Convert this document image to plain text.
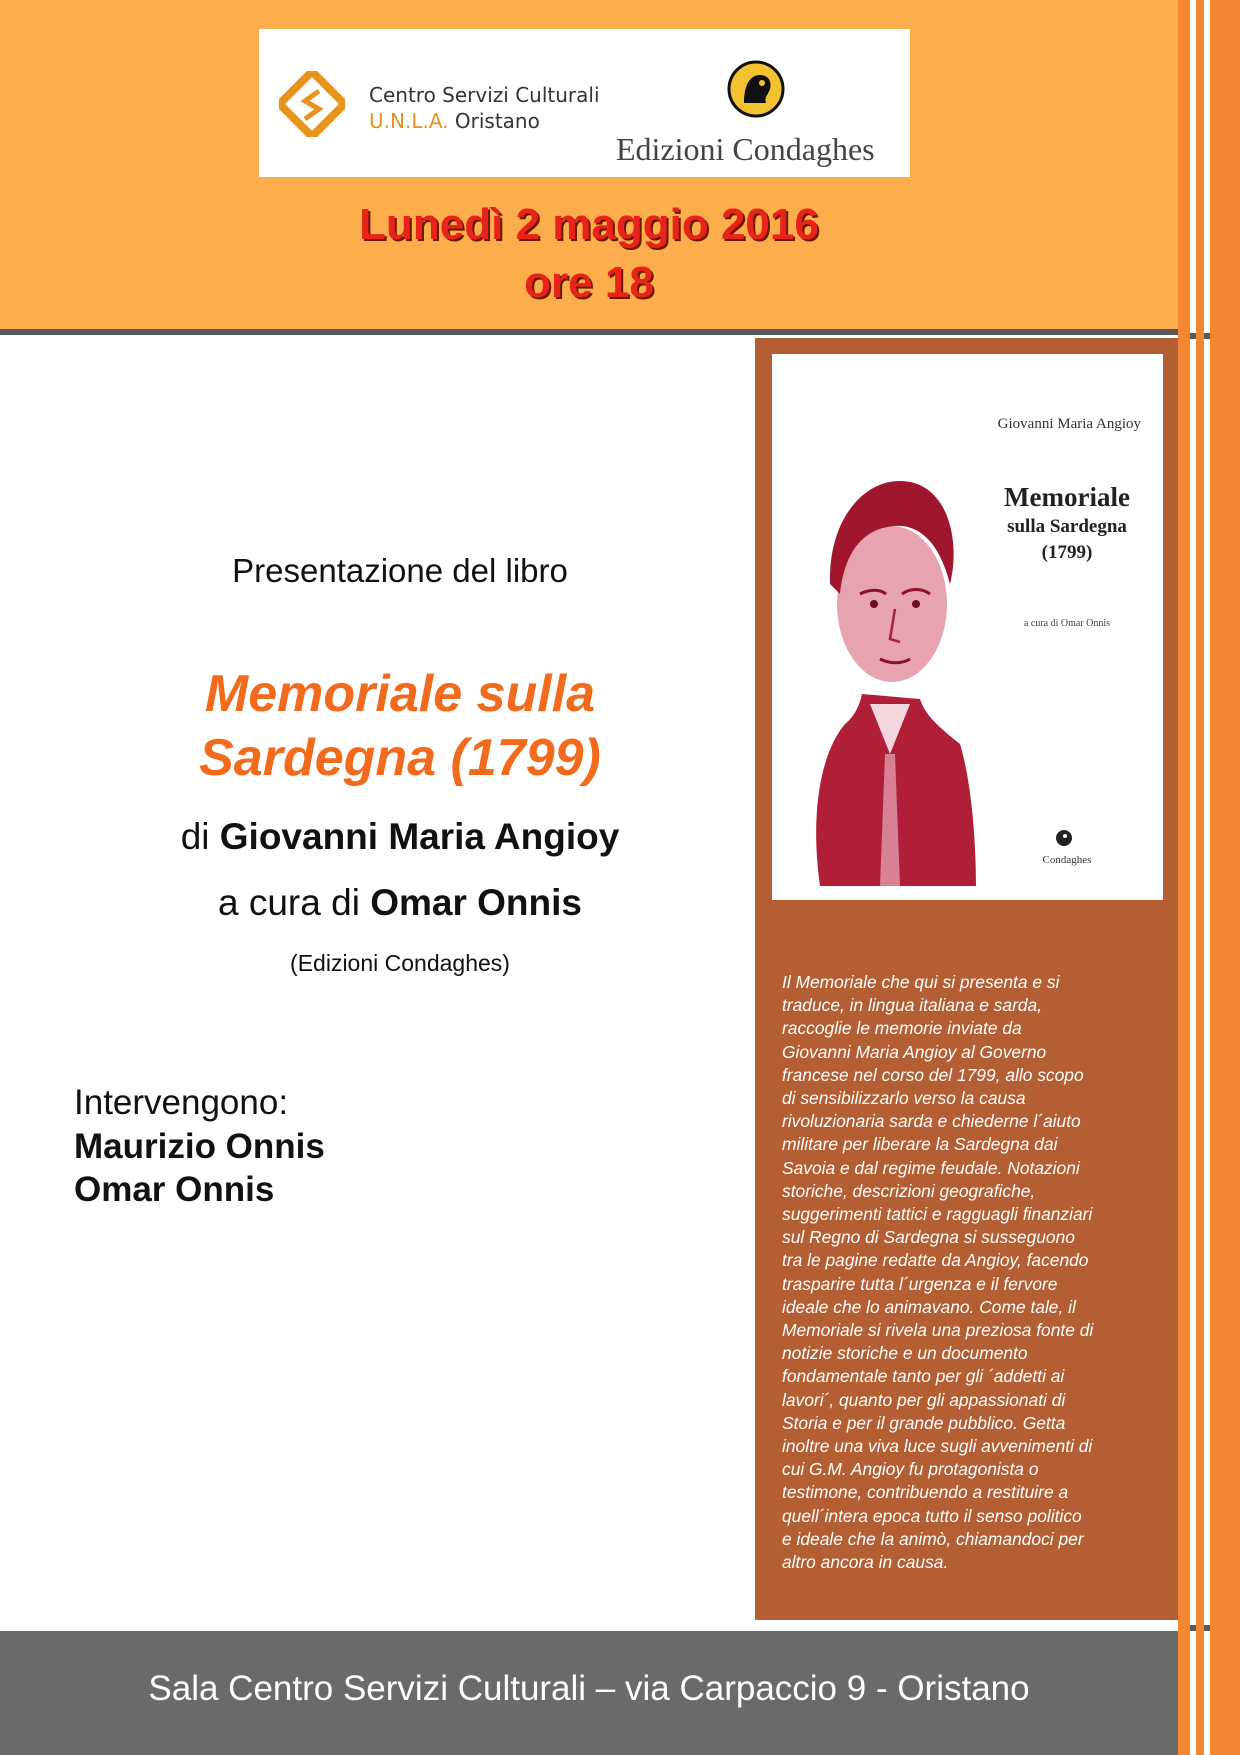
Centro Servizi Culturali
U.N.L.A. Oristano
Edizioni Condaghes
Lunedì 2 maggio 2016
ore 18
Presentazione del libro
Memoriale sulla
Sardegna (1799)
di Giovanni Maria Angioy
a cura di Omar Onnis
(Edizioni Condaghes)
Intervengono:
Maurizio Onnis
Omar Onnis
Giovanni Maria Angioy
Memoriale
sulla Sardegna
(1799)
a cura di Omar Onnis
Condaghes
Il Memoriale che qui si presenta e si
traduce, in lingua italiana e sarda,
raccoglie le memorie inviate da
Giovanni Maria Angioy al Governo
francese nel corso del 1799, allo scopo
di sensibilizzarlo verso la causa
rivoluzionaria sarda e chiederne l´aiuto
militare per liberare la Sardegna dai
Savoia e dal regime feudale. Notazioni
storiche, descrizioni geografiche,
suggerimenti tattici e ragguagli finanziari
sul Regno di Sardegna si susseguono
tra le pagine redatte da Angioy, facendo
trasparire tutta l´urgenza e il fervore
ideale che lo animavano. Come tale, il
Memoriale si rivela una preziosa fonte di
notizie storiche e un documento
fondamentale tanto per gli ´addetti ai
lavori´, quanto per gli appassionati di
Storia e per il grande pubblico. Getta
inoltre una viva luce sugli avvenimenti di
cui G.M. Angioy fu protagonista o
testimone, contribuendo a restituire a
quell´intera epoca tutto il senso politico
e ideale che la animò, chiamandoci per
altro ancora in causa.
Sala Centro Servizi Culturali – via Carpaccio 9 - Oristano
